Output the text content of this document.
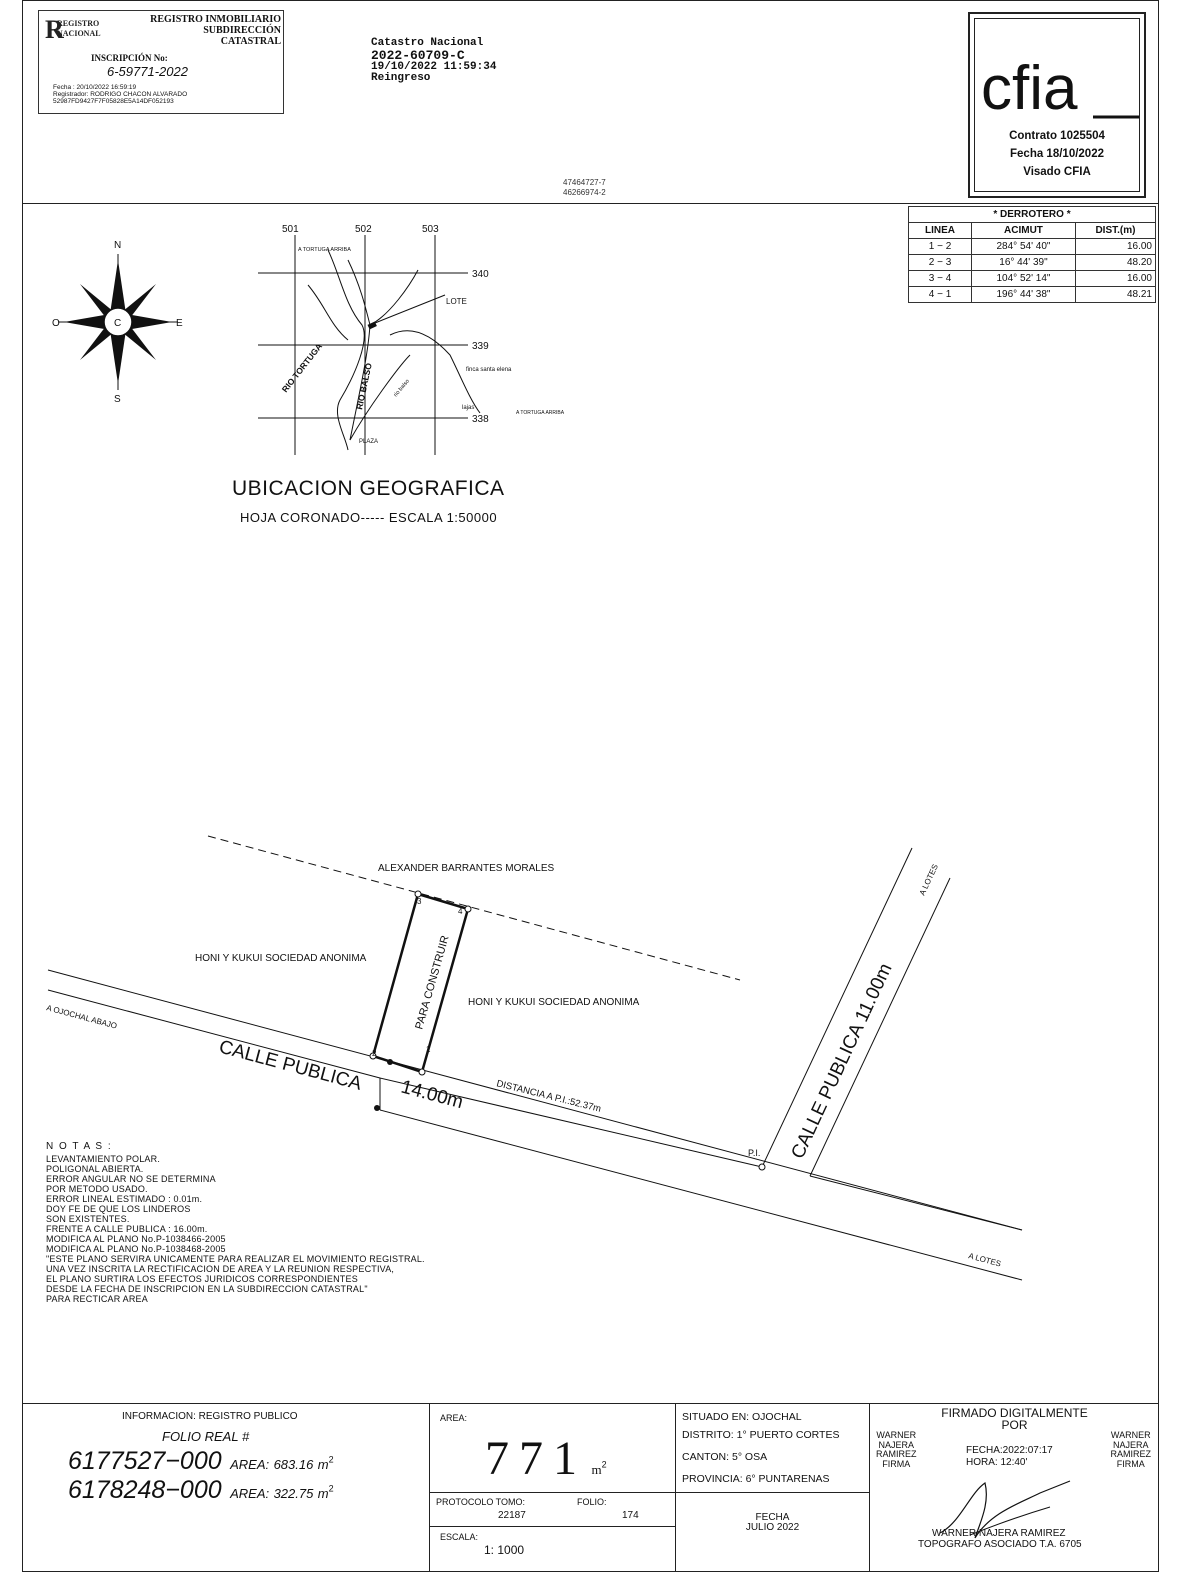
R
REGISTRO
NACIONAL
REGISTRO INMOBILIARIO
SUBDIRECCIÓN
CATASTRAL
INSCRIPCIÓN No:
6-59771-2022
Fecha : 20/10/2022 16:59:19
Registrador: RODRIGO CHACON ALVARADO
52987FD9427F7F05828E5A14DF052193
Catastro Nacional
2022-60709-C
19/10/2022 11:59:34
Reingreso
47464727-7
46266974-2
cfia
Contrato 1025504
Fecha 18/10/2022
Visado CFIA
* DERROTERO *		
LINEA	ACIMUT	DIST.(m)
1 − 2	284° 54' 40"	16.00
2 − 3	16° 44' 39"	48.20
3 − 4	104° 52' 14"	16.00
4 − 1	196° 44' 38"	48.21
C
N
S
E
O
501	502	503
340
339
338
A TORTUGA ARRIBA
LOTE
RIO TORTUGA	RIO BALSO	rio balso
finca santa elena
lajas
A TORTUGA ARRIBA
PLAZA
UBICACION GEOGRAFICA
HOJA CORONADO----- ESCALA 1:50000
1
2
3
4
ALEXANDER BARRANTES MORALES
HONI Y KUKUI SOCIEDAD ANONIMA
HONI Y KUKUI SOCIEDAD ANONIMA
PARA CONSTRUIR
A OJOCHAL ABAJO
CALLE PUBLICA
14.00m	DISTANCIA A P.I.:52.37m
P.I. CALLE PUBLICA 11.00m
A LOTES
A LOTES
N O T A S :
LEVANTAMIENTO POLAR.
POLIGONAL ABIERTA.
ERROR ANGULAR NO SE DETERMINA
POR METODO USADO.
ERROR LINEAL ESTIMADO : 0.01m.
DOY FE DE QUE LOS LINDEROS
SON EXISTENTES.
FRENTE A CALLE PUBLICA : 16.00m.
MODIFICA AL PLANO No.P-1038466-2005
MODIFICA AL PLANO No.P-1038468-2005
"ESTE PLANO SERVIRA UNICAMENTE PARA REALIZAR EL MOVIMIENTO REGISTRAL.
UNA VEZ INSCRITA LA RECTIFICACION DE AREA Y LA REUNION RESPECTIVA,
EL PLANO SURTIRA LOS EFECTOS JURIDICOS CORRESPONDIENTES
DESDE LA FECHA DE INSCRIPCION EN LA SUBDIRECCION CATASTRAL"
PARA RECTICAR AREA
INFORMACION: REGISTRO PUBLICO
FOLIO REAL #
6177527−000 AREA: 683.16 $m^2$
6178248−000 AREA: 322.75 $m^2$
AREA:
771 $m^2$
PROTOCOLO TOMO:
22187
FOLIO:
174
ESCALA:
1: 1000
SITUADO EN: OJOCHAL
DISTRITO: 1° PUERTO CORTES
CANTON: 5° OSA
PROVINCIA: 6° PUNTARENAS
FECHA
JULIO 2022
FIRMADO DIGITALMENTE
POR
WARNER
NAJERA
RAMIREZ
FIRMA
WARNER
NAJERA
RAMIREZ
FIRMA
FECHA:2022:07:17
HORA: 12:40'
WARNER NAJERA RAMIREZ
TOPOGRAFO ASOCIADO T.A. 6705
